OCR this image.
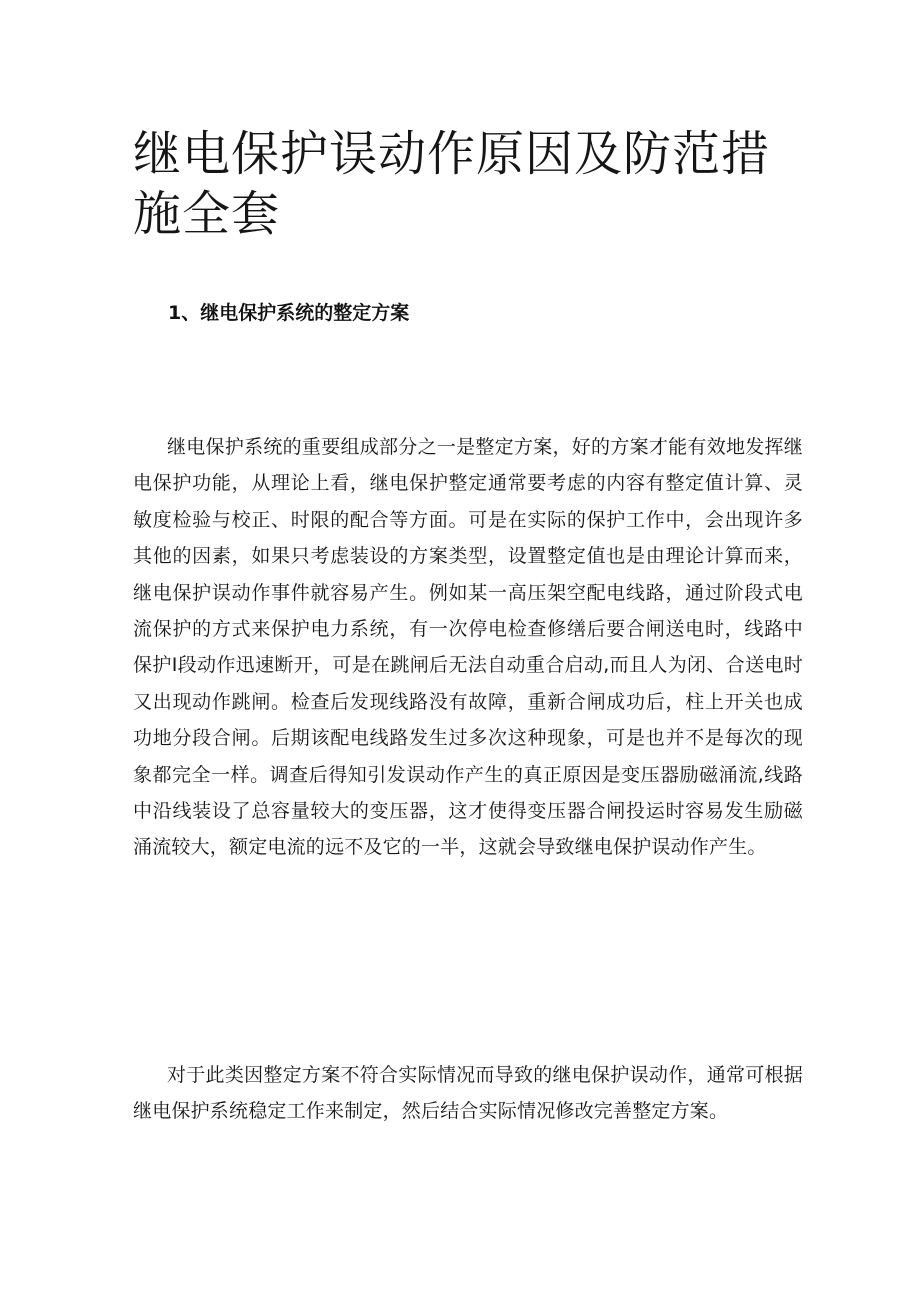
继电保护误动作原因及防范措施全套
1、继电保护系统的整定方案

继电保护系统的重要组成部分之一是整定方案，好的方案才能有效地发挥继电保护功能，从理论上看，继电保护整定通常要考虑的内容有整定值计算、灵敏度检验与校正、时限的配合等方面。可是在实际的保护工作中，会出现许多其他的因素，如果只考虑装设的方案类型，设置整定值也是由理论计算而来，继电保护误动作事件就容易产生。例如某一高压架空配电线路，通过阶段式电流保护的方式来保护电力系统，有一次停电检查修缮后要合闸送电时，线路中保护Ⅰ段动作迅速断开，可是在跳闸后无法自动重合启动,而且人为闭、合送电时又出现动作跳闸。检查后发现线路没有故障，重新合闸成功后，柱上开关也成功地分段合闸。后期该配电线路发生过多次这种现象，可是也并不是每次的现象都完全一样。调查后得知引发误动作产生的真正原因是变压器励磁涌流,线路中沿线装设了总容量较大的变压器，这才使得变压器合闸投运时容易发生励磁涌流较大，额定电流的远不及它的一半，这就会导致继电保护误动作产生。

对于此类因整定方案不符合实际情况而导致的继电保护误动作，通常可根据继电保护系统稳定工作来制定，然后结合实际情况修改完善整定方案。
